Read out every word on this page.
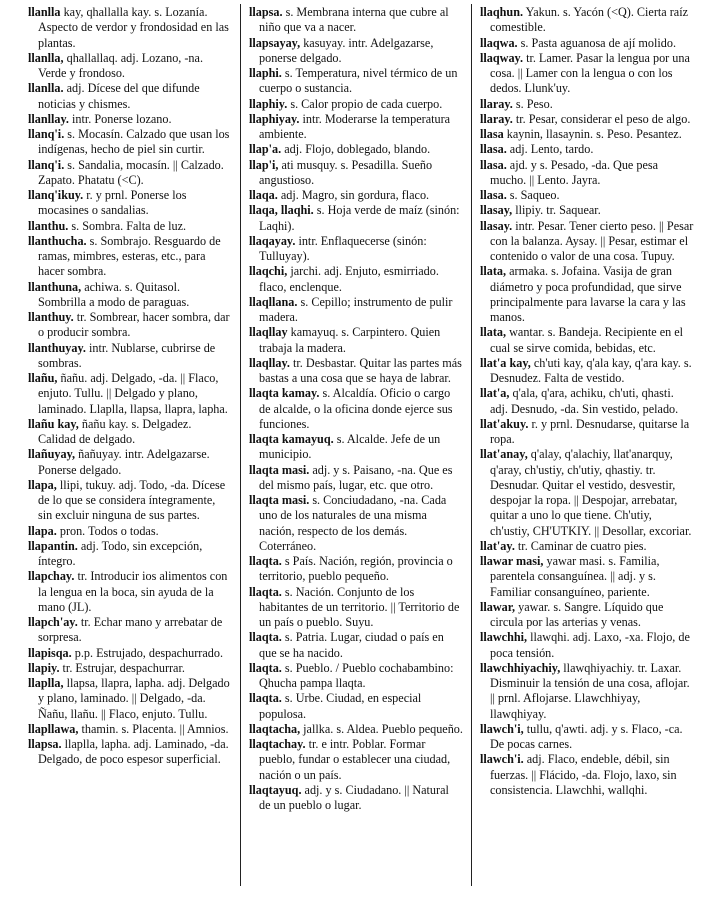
llanlla kay, qhallalla kay. s. Lozanía. Aspecto de verdor y frondosidad en las plantas.

llanlla, qhallallaq. adj. Lozano, -na. Verde y frondoso.

llanlla. adj. Dícese del que difunde noticias y chismes.

llanllay. intr. Ponerse lozano.

llanq'i. s. Mocasín. Calzado que usan los indígenas, hecho de piel sin curtir.

llanq'i. s. Sandalia, mocasín. || Calzado. Zapato. Phatatu (<C).

llanq'ikuy. r. y prnl. Ponerse los mocasines o sandalias.

llanthu. s. Sombra. Falta de luz.

llanthucha. s. Sombrajo. Resguardo de ramas, mimbres, esteras, etc., para hacer sombra.

llanthuna, achiwa. s. Quitasol. Sombrilla a modo de paraguas.

llanthuy. tr. Sombrear, hacer sombra, dar o producir sombra.

llanthuyay. intr. Nublarse, cubrirse de sombras.

llañu, ñañu. adj. Delgado, -da. || Flaco, enjuto. Tullu. || Delgado y plano, laminado. Llaplla, llapsa, llapra, lapha.

llañu kay, ñañu kay. s. Delgadez. Calidad de delgado.

llañuyay, ñañuyay. intr. Adelgazarse. Ponerse delgado.

llapa, llipi, tukuy. adj. Todo, -da. Dícese de lo que se considera íntegramente, sin excluir ninguna de sus partes.

llapa. pron. Todos o todas.

llapantin. adj. Todo, sin excepción, íntegro.

llapchay. tr. Introducir ios alimentos con la lengua en la boca, sin ayuda de la mano (JL).

llapch'ay. tr. Echar mano y arrebatar de sorpresa.

llapisqa. p.p. Estrujado, despachurrado.

llapiy. tr. Estrujar, despachurrar.

llaplla, llapsa, llapra, lapha. adj. Delgado y plano, laminado. || Delgado, -da. Ñañu, llañu. || Flaco, enjuto. Tullu.

llapllawa, thamin. s. Placenta. || Amnios.

llapsa. llaplla, lapha. adj. Laminado, -da. Delgado, de poco espesor superficial.

llapsa. s. Membrana interna que cubre al niño que va a nacer.

llapsayay, kasuyay. intr. Adelgazarse, ponerse delgado.

llaphi. s. Temperatura, nivel térmico de un cuerpo o sustancia.

llaphiy. s. Calor propio de cada cuerpo.

llaphiyay. intr. Moderarse la temperatura ambiente.

llap'a. adj. Flojo, doblegado, blando.

llap'i, ati musquy. s. Pesadilla. Sueño angustioso.

llaqa. adj. Magro, sin gordura, flaco.

llaqa, llaqhi. s. Hoja verde de maíz (sinón: Laqhi).

llaqayay. intr. Enflaquecerse (sinón: Tulluyay).

llaqchi, jarchi. adj. Enjuto, esmirriado. flaco, enclenque.

llaqllana. s. Cepillo; instrumento de pulir madera.

llaqllay kamayuq. s. Carpintero. Quien trabaja la madera.

llaqllay. tr. Desbastar. Quitar las partes más bastas a una cosa que se haya de labrar.

llaqta kamay. s. Alcaldía. Oficio o cargo de alcalde, o la oficina donde ejerce sus funciones.

llaqta kamayuq. s. Alcalde. Jefe de un municipio.

llaqta masi. adj. y s. Paisano, -na. Que es del mismo país, lugar, etc. que otro.

llaqta masi. s. Conciudadano, -na. Cada uno de los naturales de una misma nación, respecto de los demás. Coterráneo.

llaqta. s País. Nación, región, provincia o territorio, pueblo pequeño.

llaqta. s. Nación. Conjunto de los habitantes de un territorio. || Territorio de un país o pueblo. Suyu.

llaqta. s. Patria. Lugar, ciudad o país en que se ha nacido.

llaqta. s. Pueblo. / Pueblo cochabambino: Qhucha pampa llaqta.

llaqta. s. Urbe. Ciudad, en especial populosa.

llaqtacha, jallka. s. Aldea. Pueblo pequeño.

llaqtachay. tr. e intr. Poblar. Formar pueblo, fundar o establecer una ciudad, nación o un país.

llaqtayuq. adj. y s. Ciudadano. || Natural de un pueblo o lugar.

llaqhun. Yakun. s. Yacón (<Q). Cierta raíz comestible.

llaqwa. s. Pasta aguanosa de ají molido.

llaqway. tr. Lamer. Pasar la lengua por una cosa. || Lamer con la lengua o con los dedos. Llunk'uy.

llaray. s. Peso.

llaray. tr. Pesar, considerar el peso de algo.

llasa kaynin, llasaynin. s. Peso. Pesantez.

llasa. adj. Lento, tardo.

llasa. ajd. y s. Pesado, -da. Que pesa mucho. || Lento. Jayra.

llasa. s. Saqueo.

llasay, llipiy. tr. Saquear.

llasay. intr. Pesar. Tener cierto peso. || Pesar con la balanza. Aysay. || Pesar, estimar el contenido o valor de una cosa. Tupuy.

llata, armaka. s. Jofaina. Vasija de gran diámetro y poca profundidad, que sirve principalmente para lavarse la cara y las manos.

llata, wantar. s. Bandeja. Recipiente en el cual se sirve comida, bebidas, etc.

llat'a kay, ch'uti kay, q'ala kay, q'ara kay. s. Desnudez. Falta de vestido.

llat'a, q'ala, q'ara, achiku, ch'uti, qhasti. adj. Desnudo, -da. Sin vestido, pelado.

llat'akuy. r. y prnl. Desnudarse, quitarse la ropa.

llat'anay, q'alay, q'alachiy, llat'anarquy, q'aray, ch'ustiy, ch'utiy, qhastiy. tr. Desnudar. Quitar el vestido, desvestir, despojar la ropa. || Despojar, arrebatar, quitar a uno lo que tiene. Ch'utiy, ch'ustiy, CH'UTKIY. || Desollar, excoriar.

llat'ay. tr. Caminar de cuatro pies.

llawar masi, yawar masi. s. Familia, parentela consanguínea. || adj. y s. Familiar consanguíneo, pariente.

llawar, yawar. s. Sangre. Líquido que circula por las arterias y venas.

llawchhi, llawqhi. adj. Laxo, -xa. Flojo, de poca tensión.

llawchhiyachiy, llawqhiyachiy. tr. Laxar. Disminuir la tensión de una cosa, aflojar. || prnl. Aflojarse. Llawchhiyay, llawqhiyay.

llawch'i, tullu, q'awti. adj. y s. Flaco, -ca. De pocas carnes.

llawch'i. adj. Flaco, endeble, débil, sin fuerzas. || Flácido, -da. Flojo, laxo, sin consistencia. Llawchhi, wallqhi.
